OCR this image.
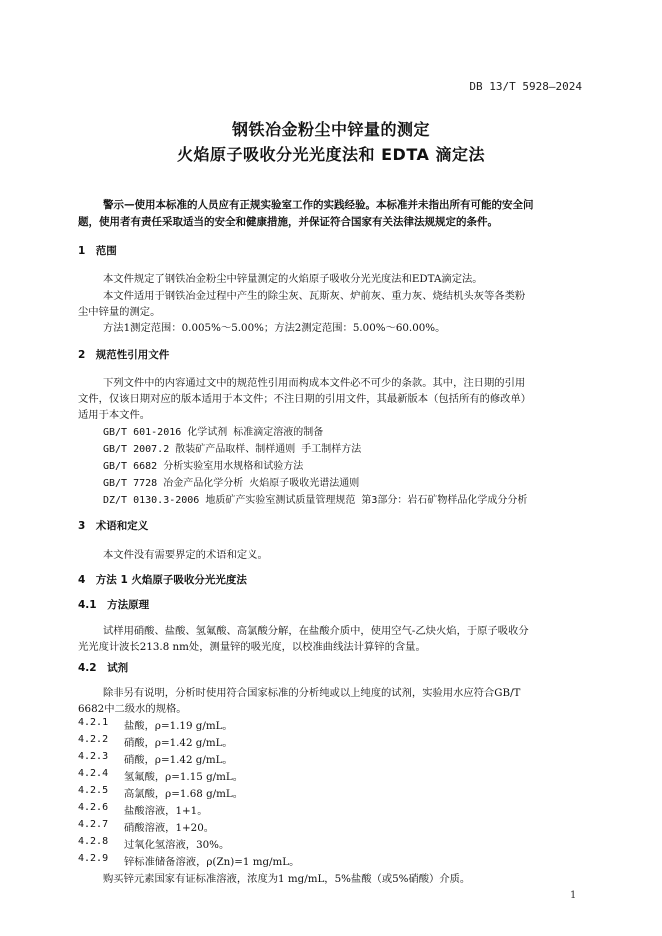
DB 13/T 5928—2024
钢铁冶金粉尘中锌量的测定
火焰原子吸收分光光度法和 EDTA 滴定法
警示—使用本标准的人员应有正规实验室工作的实践经验。本标准并未指出所有可能的安全问
题，使用者有责任采取适当的安全和健康措施，并保证符合国家有关法律法规规定的条件。
1　范围
本文件规定了钢铁冶金粉尘中锌量测定的火焰原子吸收分光光度法和EDTA滴定法。
本文件适用于钢铁冶金过程中产生的除尘灰、瓦斯灰、炉前灰、重力灰、烧结机头灰等各类粉
尘中锌量的测定。
方法1测定范围：0.005%～5.00%；方法2测定范围：5.00%～60.00%。
2　规范性引用文件
下列文件中的内容通过文中的规范性引用而构成本文件必不可少的条款。其中，注日期的引用
文件，仅该日期对应的版本适用于本文件；不注日期的引用文件，其最新版本（包括所有的修改单）
适用于本文件。
GB/T 601-2016 化学试剂 标准滴定溶液的制备
GB/T 2007.2 散装矿产品取样、制样通则 手工制样方法
GB/T 6682 分析实验室用水规格和试验方法
GB/T 7728 冶金产品化学分析 火焰原子吸收光谱法通则
DZ/T 0130.3-2006 地质矿产实验室测试质量管理规范 第3部分：岩石矿物样品化学成分分析
3　术语和定义
本文件没有需要界定的术语和定义。
4　方法 1 火焰原子吸收分光光度法
4.1　方法原理
试样用硝酸、盐酸、氢氟酸、高氯酸分解，在盐酸介质中，使用空气-乙炔火焰，于原子吸收分
光光度计波长213.8 nm处，测量锌的吸光度，以校准曲线法计算锌的含量。
4.2　试剂
除非另有说明，分析时使用符合国家标准的分析纯或以上纯度的试剂，实验用水应符合GB/T
6682中二级水的规格。
4.2.1 盐酸，ρ=1.19 g/mL。
4.2.2 硝酸，ρ=1.42 g/mL。
4.2.3 硝酸，ρ=1.42 g/mL。
4.2.4 氢氟酸，ρ=1.15 g/mL。
4.2.5 高氯酸，ρ=1.68 g/mL。
4.2.6 盐酸溶液，1+1。
4.2.7 硝酸溶液，1+20。
4.2.8 过氧化氢溶液，30%。
4.2.9 锌标准储备溶液，ρ(Zn)=1 mg/mL。
购买锌元素国家有证标准溶液，浓度为1 mg/mL，5%盐酸（或5%硝酸）介质。
1
